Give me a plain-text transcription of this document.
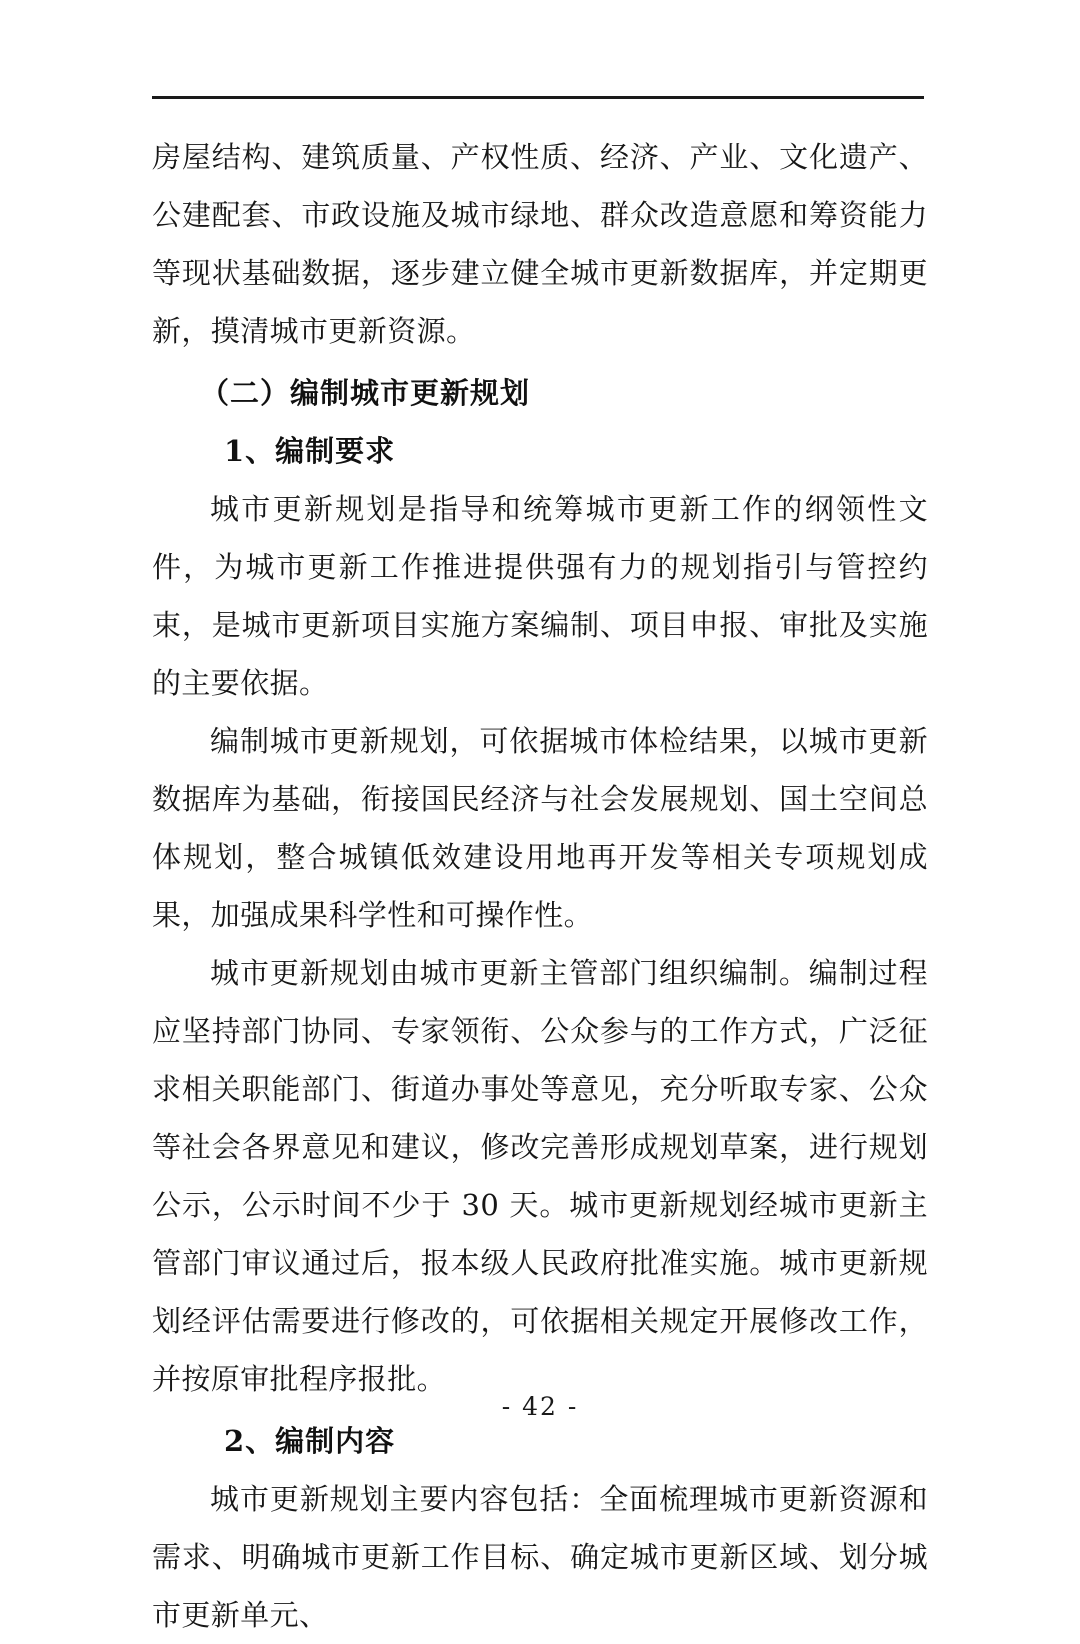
房屋结构、建筑质量、产权性质、经济、产业、文化遗产、公建配套、市政设施及城市绿地、群众改造意愿和筹资能力等现状基础数据，逐步建立健全城市更新数据库，并定期更新，摸清城市更新资源。

（二）编制城市更新规划
1、编制要求

城市更新规划是指导和统筹城市更新工作的纲领性文件，为城市更新工作推进提供强有力的规划指引与管控约束，是城市更新项目实施方案编制、项目申报、审批及实施的主要依据。

编制城市更新规划，可依据城市体检结果，以城市更新数据库为基础，衔接国民经济与社会发展规划、国土空间总体规划，整合城镇低效建设用地再开发等相关专项规划成果，加强成果科学性和可操作性。

城市更新规划由城市更新主管部门组织编制。编制过程应坚持部门协同、专家领衔、公众参与的工作方式，广泛征求相关职能部门、街道办事处等意见，充分听取专家、公众等社会各界意见和建议，修改完善形成规划草案，进行规划公示，公示时间不少于 30 天。城市更新规划经城市更新主管部门审议通过后，报本级人民政府批准实施。城市更新规划经评估需要进行修改的，可依据相关规定开展修改工作，并按原审批程序报批。

2、编制内容

城市更新规划主要内容包括：全面梳理城市更新资源和需求、明确城市更新工作目标、确定城市更新区域、划分城市更新单元、

- 42 -
